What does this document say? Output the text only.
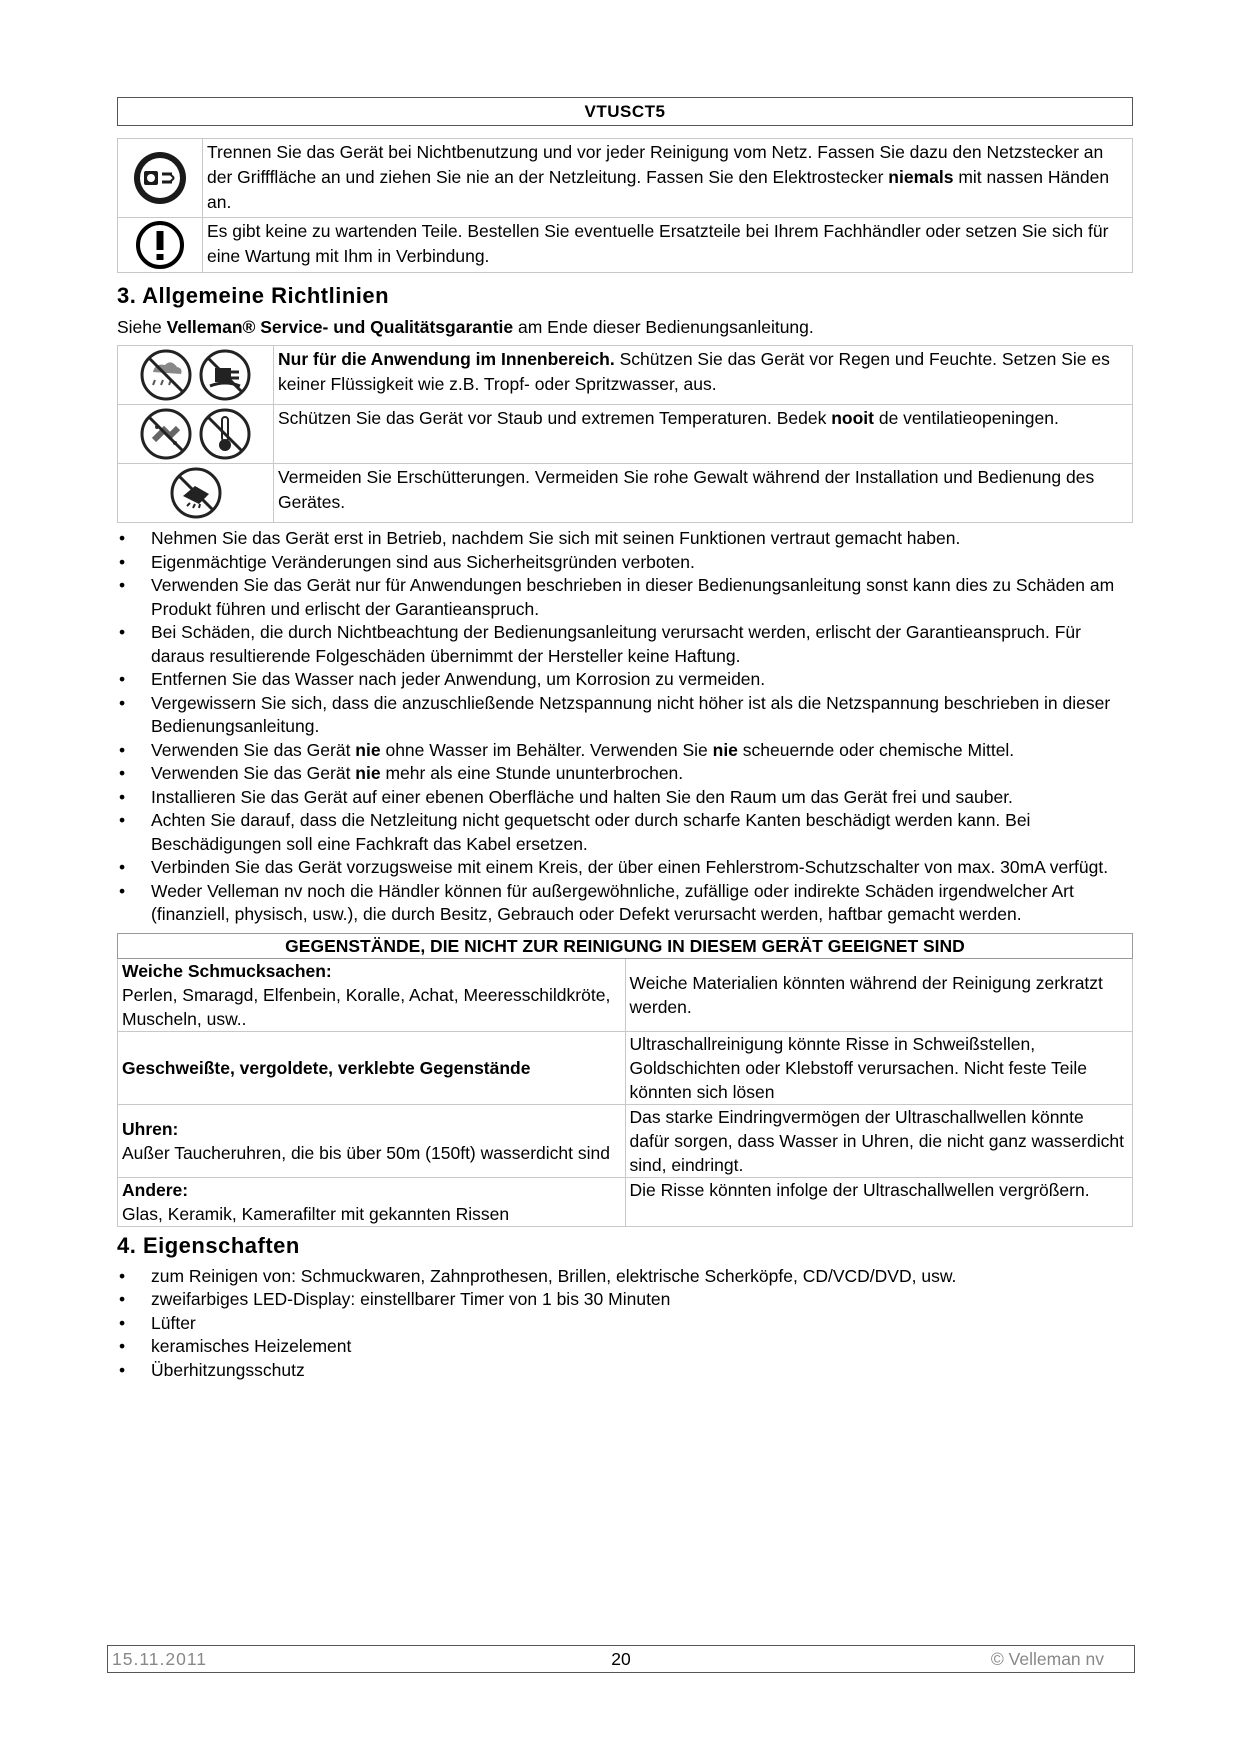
VTUSCT5
	Trennen Sie das Gerät bei Nichtbenutzung und vor jeder Reinigung vom Netz. Fassen Sie dazu den Netzstecker an der Grifffläche an und ziehen Sie nie an der Netzleitung. Fassen Sie den Elektrostecker niemals mit nassen Händen an.
	Es gibt keine zu wartenden Teile. Bestellen Sie eventuelle Ersatzteile bei Ihrem Fachhändler oder setzen Sie sich für eine Wartung mit Ihm in Verbindung.
3. Allgemeine Richtlinien

Siehe Velleman® Service- und Qualitätsgarantie am Ende dieser Bedienungsanleitung.

	Nur für die Anwendung im Innenbereich. Schützen Sie das Gerät vor Regen und Feuchte. Setzen Sie es keiner Flüssigkeit wie z.B. Tropf- oder Spritzwasser, aus.
	Schützen Sie das Gerät vor Staub und extremen Temperaturen. Bedek nooit de ventilatieopeningen.
	Vermeiden Sie Erschütterungen. Vermeiden Sie rohe Gewalt während der Installation und Bedienung des Gerätes.
• Nehmen Sie das Gerät erst in Betrieb, nachdem Sie sich mit seinen Funktionen vertraut gemacht haben.
• Eigenmächtige Veränderungen sind aus Sicherheitsgründen verboten.
• Verwenden Sie das Gerät nur für Anwendungen beschrieben in dieser Bedienungsanleitung sonst kann dies zu Schäden am Produkt führen und erlischt der Garantieanspruch.
• Bei Schäden, die durch Nichtbeachtung der Bedienungsanleitung verursacht werden, erlischt der Garantieanspruch. Für daraus resultierende Folgeschäden übernimmt der Hersteller keine Haftung.
• Entfernen Sie das Wasser nach jeder Anwendung, um Korrosion zu vermeiden.
• Vergewissern Sie sich, dass die anzuschließende Netzspannung nicht höher ist als die Netzspannung beschrieben in dieser Bedienungsanleitung.
• Verwenden Sie das Gerät nie ohne Wasser im Behälter. Verwenden Sie nie scheuernde oder chemische Mittel.
• Verwenden Sie das Gerät nie mehr als eine Stunde ununterbrochen.
• Installieren Sie das Gerät auf einer ebenen Oberfläche und halten Sie den Raum um das Gerät frei und sauber.
• Achten Sie darauf, dass die Netzleitung nicht gequetscht oder durch scharfe Kanten beschädigt werden kann. Bei Beschädigungen soll eine Fachkraft das Kabel ersetzen.
• Verbinden Sie das Gerät vorzugsweise mit einem Kreis, der über einen Fehlerstrom-Schutzschalter von max. 30mA verfügt.
• Weder Velleman nv noch die Händler können für außergewöhnliche, zufällige oder indirekte Schäden irgendwelcher Art (finanziell, physisch, usw.), die durch Besitz, Gebrauch oder Defekt verursacht werden, haftbar gemacht werden.
GEGENSTÄNDE, DIE NICHT ZUR REINIGUNG IN DIESEM GERÄT GEEIGNET SIND	
Weiche Schmucksachen:
Perlen, Smaragd, Elfenbein, Koralle, Achat, Meeresschildkröte, Muscheln, usw..	Weiche Materialien könnten während der Reinigung zerkratzt werden.
Geschweißte, vergoldete, verklebte Gegenstände	Ultraschallreinigung könnte Risse in Schweißstellen, Goldschichten oder Klebstoff verursachen. Nicht feste Teile könnten sich lösen
Uhren:
Außer Taucheruhren, die bis über 50m (150ft) wasserdicht sind	Das starke Eindringvermögen der Ultraschallwellen könnte dafür sorgen, dass Wasser in Uhren, die nicht ganz wasserdicht sind, eindringt.
Andere:
Glas, Keramik, Kamerafilter mit gekannten Rissen	Die Risse könnten infolge der Ultraschallwellen vergrößern.
4. Eigenschaften
• zum Reinigen von: Schmuckwaren, Zahnprothesen, Brillen, elektrische Scherköpfe, CD/VCD/DVD, usw.
• zweifarbiges LED-Display: einstellbarer Timer von 1 bis 30 Minuten
• Lüfter
• keramisches Heizelement
• Überhitzungsschutz
15.11.2011	20	© Velleman nv
